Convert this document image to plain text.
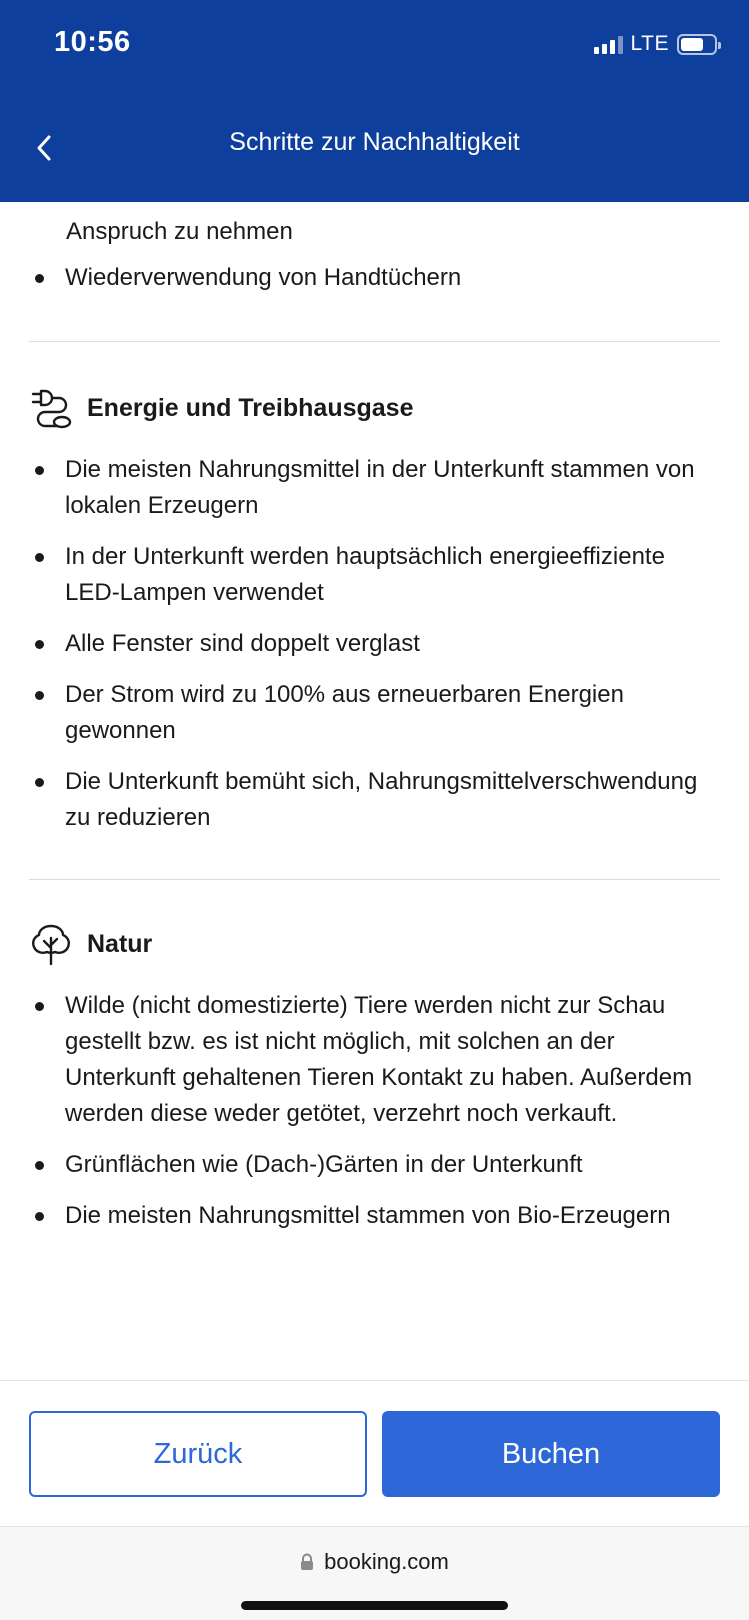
10:56	LTE
Schritte zur Nachhaltigkeit
Anspruch zu nehmen
Wiederverwendung von Handtüchern
Energie und Treibhausgase
Die meisten Nahrungsmittel in der Unterkunft stammen von lokalen Erzeugern
In der Unterkunft werden hauptsächlich energieeffiziente LED-Lampen verwendet
Alle Fenster sind doppelt verglast
Der Strom wird zu 100% aus erneuerbaren Energien gewonnen
Die Unterkunft bemüht sich, Nahrungsmittelverschwendung zu reduzieren
Natur
Wilde (nicht domestizierte) Tiere werden nicht zur Schau gestellt bzw. es ist nicht möglich, mit solchen an der Unterkunft gehaltenen Tieren Kontakt zu haben. Außerdem werden diese weder getötet, verzehrt noch verkauft.
Grünflächen wie (Dach-)Gärten in der Unterkunft
Die meisten Nahrungsmittel stammen von Bio-Erzeugern
Zurück	Buchen
booking.com
